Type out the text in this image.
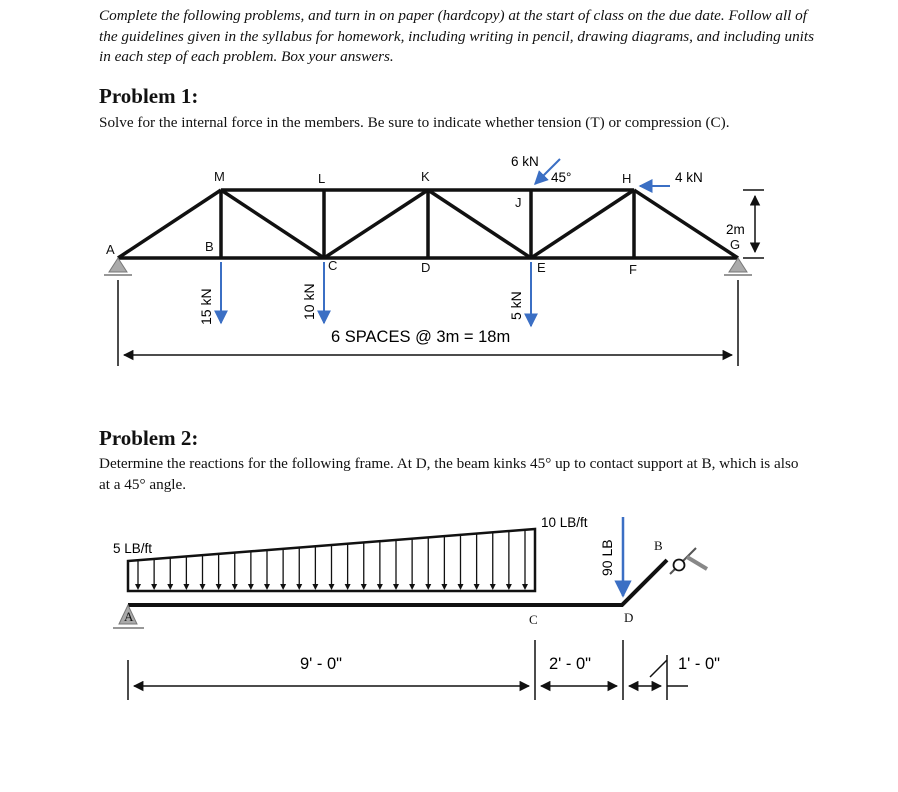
Complete the following problems, and turn in on paper (hardcopy) at the start of class on the due date. Follow all of the guidelines given in the syllabus for homework, including writing in pencil, drawing diagrams, and including units in each step of each problem. Box your answers.
Problem 1:
Solve for the internal force in the members. Be sure to indicate whether tension (T) or compression (C).
A	B
C	D	E	F
G
H
J
K
L
M
6 kN
45°	4 kN
15 kN	10 kN	5 kN
2m
6 SPACES @ 3m = 18m
Problem 2:
Determine the reactions for the following frame. At D, the beam kinks 45° up to contact support at B, which is also at a 45° angle.
5 LB/ft
10 LB/ft
90 LB
A
B
C	D
9' - 0"	2' - 0"	1' - 0"
